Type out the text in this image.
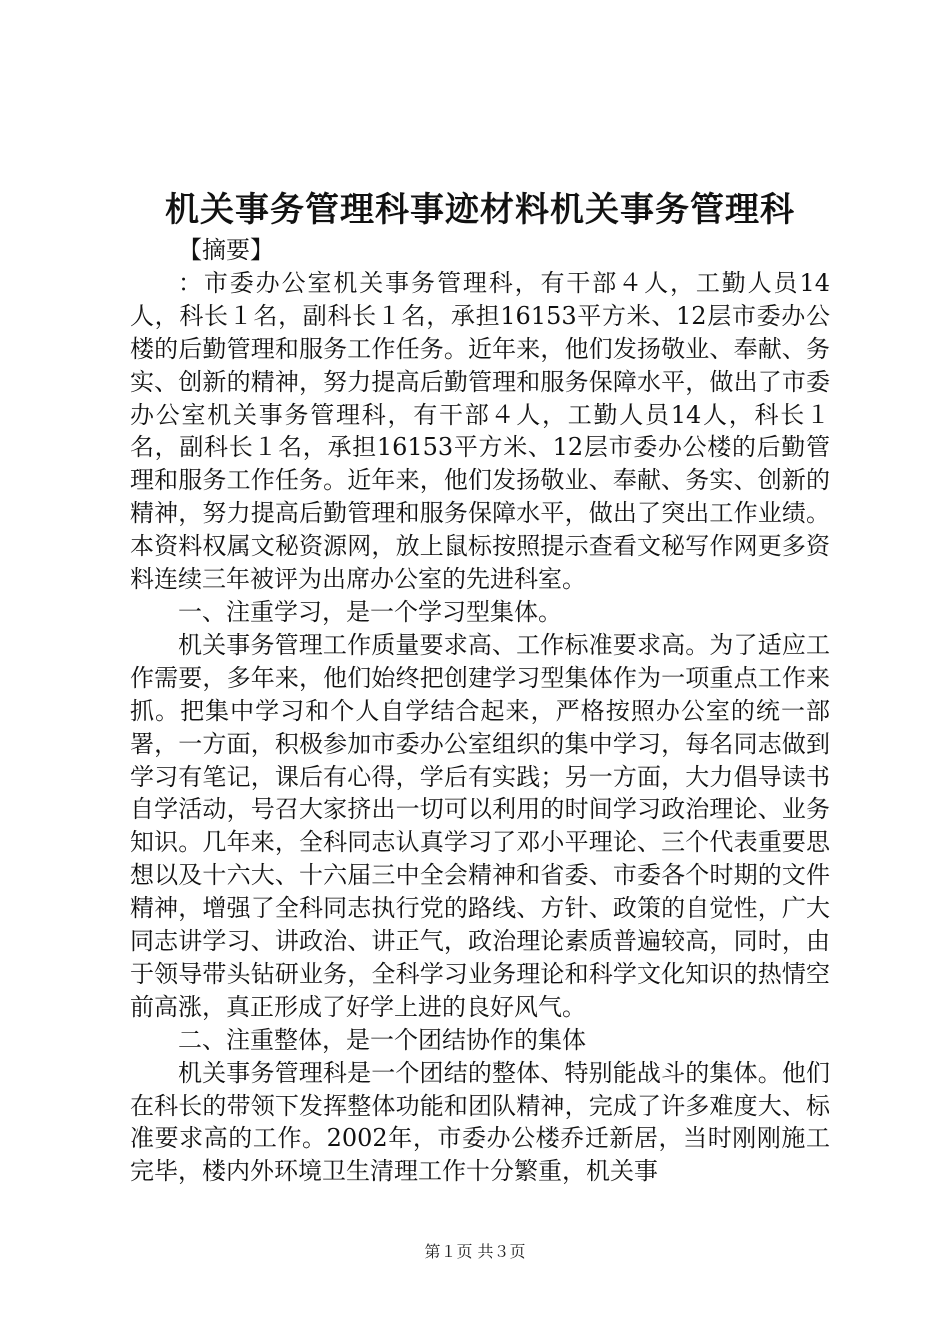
机关事务管理科事迹材料机关事务管理科

【摘要】

：市委办公室机关事务管理科，有干部４人，工勤人员14人，科长１名，副科长１名，承担16153平方米、12层市委办公楼的后勤管理和服务工作任务。近年来，他们发扬敬业、奉献、务实、创新的精神，努力提高后勤管理和服务保障水平，做出了市委办公室机关事务管理科，有干部４人，工勤人员14人，科长１名，副科长１名，承担16153平方米、12层市委办公楼的后勤管理和服务工作任务。近年来，他们发扬敬业、奉献、务实、创新的精神，努力提高后勤管理和服务保障水平，做出了突出工作业绩。本资料权属文秘资源网，放上鼠标按照提示查看文秘写作网更多资料连续三年被评为出席办公室的先进科室。

一、注重学习，是一个学习型集体。

机关事务管理工作质量要求高、工作标准要求高。为了适应工作需要，多年来，他们始终把创建学习型集体作为一项重点工作来抓。把集中学习和个人自学结合起来，严格按照办公室的统一部署，一方面，积极参加市委办公室组织的集中学习，每名同志做到学习有笔记，课后有心得，学后有实践；另一方面，大力倡导读书自学活动，号召大家挤出一切可以利用的时间学习政治理论、业务知识。几年来，全科同志认真学习了邓小平理论、三个代表重要思想以及十六大、十六届三中全会精神和省委、市委各个时期的文件精神，增强了全科同志执行党的路线、方针、政策的自觉性，广大同志讲学习、讲政治、讲正气，政治理论素质普遍较高，同时，由于领导带头钻研业务，全科学习业务理论和科学文化知识的热情空前高涨，真正形成了好学上进的良好风气。

二、注重整体，是一个团结协作的集体

机关事务管理科是一个团结的整体、特别能战斗的集体。他们在科长的带领下发挥整体功能和团队精神，完成了许多难度大、标准要求高的工作。2002年，市委办公楼乔迁新居，当时刚刚施工完毕，楼内外环境卫生清理工作十分繁重，机关事

第１页 共３页
